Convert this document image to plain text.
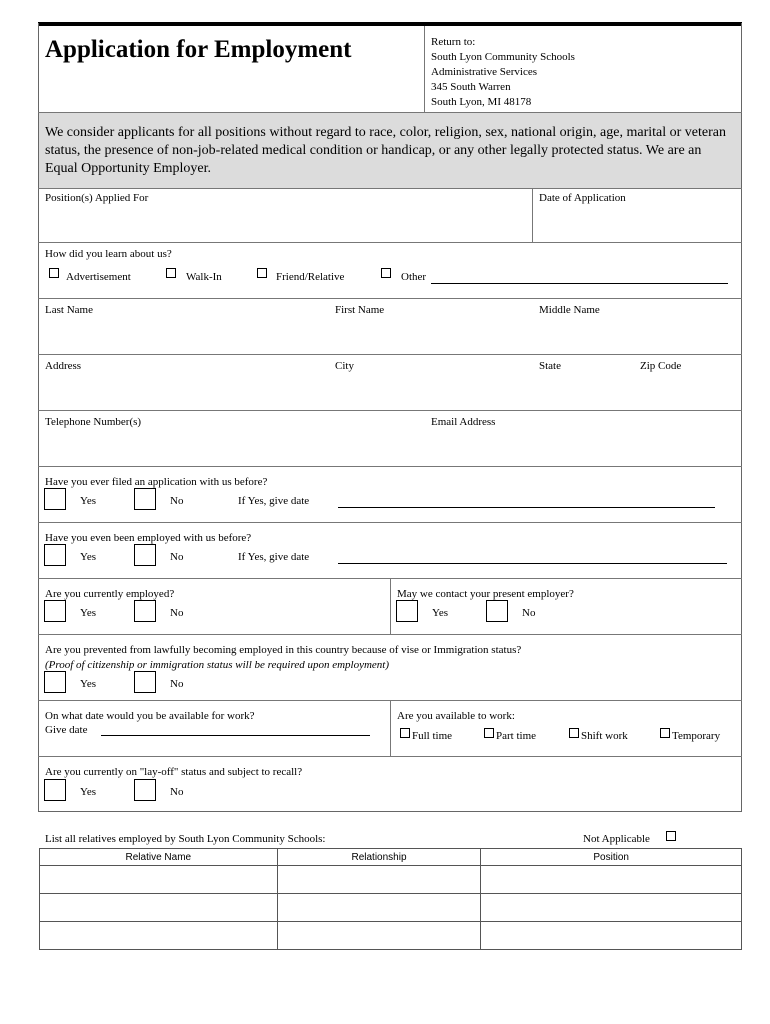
Application for Employment	Return to:
South Lyon Community Schools
Administrative Services
345 South Warren
South Lyon, MI 48178
We consider applicants for all positions without regard to race, color, religion, sex, national origin, age, marital or veteran status, the presence of non-job-related medical condition or handicap, or any other legally protected status. We are an Equal Opportunity Employer.
Position(s) Applied For	Date of Application
How did you learn about us?
Advertisement	Walk-In	Friend/Relative	Other
Last Name	First Name	Middle Name
Address	City	State	Zip Code
Telephone Number(s)	Email Address
Have you ever filed an application with us before?
Yes	No	If Yes, give date
Have you even been employed with us before?
Yes	No	If Yes, give date
Are you currently employed?
Yes	No
May we contact your present employer?
Yes	No
Are you prevented from lawfully becoming employed in this country because of vise or Immigration status?
(Proof of citizenship or immigration status will be required upon employment)
Yes	No
On what date would you be available for work?
Give date
Are you available to work:
Full time	Part time	Shift work	Temporary
Are you currently on "lay-off" status and subject to recall?
Yes	No
List all relatives employed by South Lyon Community Schools:	Not Applicable
Relative Name	Relationship	Position
